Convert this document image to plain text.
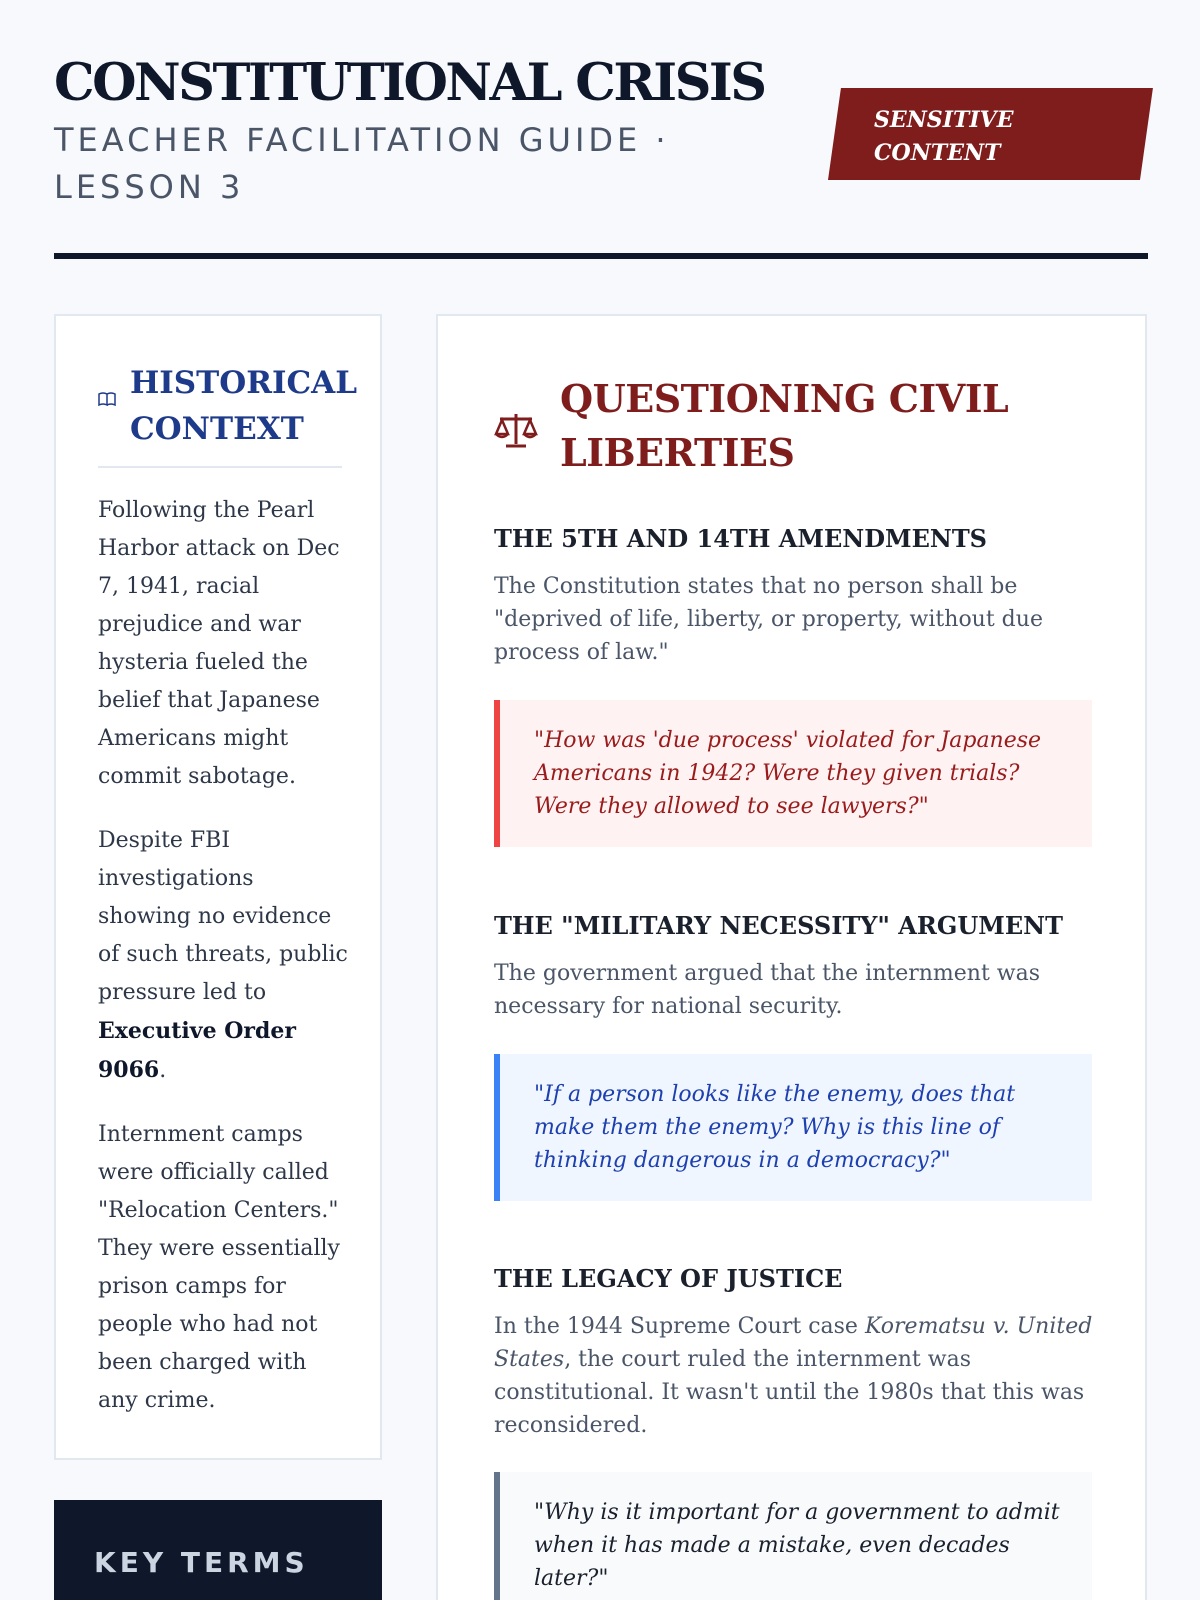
CONSTITUTIONAL CRISIS
TEACHER FACILITATION GUIDE · LESSON 3
SENSITIVE CONTENT
HISTORICAL CONTEXT

Following the Pearl Harbor attack on Dec 7, 1941, racial prejudice and war hysteria fueled the belief that Japanese Americans might commit sabotage.

Despite FBI investigations showing no evidence of such threats, public pressure led to Executive Order 9066.

Internment camps were officially called "Relocation Centers." They were essentially prison camps for people who had not been charged with any crime.

KEY TERMS
QUESTIONING CIVIL LIBERTIES
THE 5TH AND 14TH AMENDMENTS

The Constitution states that no person shall be "deprived of life, liberty, or property, without due process of law."

"How was 'due process' violated for Japanese Americans in 1942? Were they given trials? Were they allowed to see lawyers?"
THE "MILITARY NECESSITY" ARGUMENT

The government argued that the internment was necessary for national security.

"If a person looks like the enemy, does that make them the enemy? Why is this line of thinking dangerous in a democracy?"
THE LEGACY OF JUSTICE

In the 1944 Supreme Court case Korematsu v. United States, the court ruled the internment was constitutional. It wasn't until the 1980s that this was reconsidered.

"Why is it important for a government to admit when it has made a mistake, even decades later?"
